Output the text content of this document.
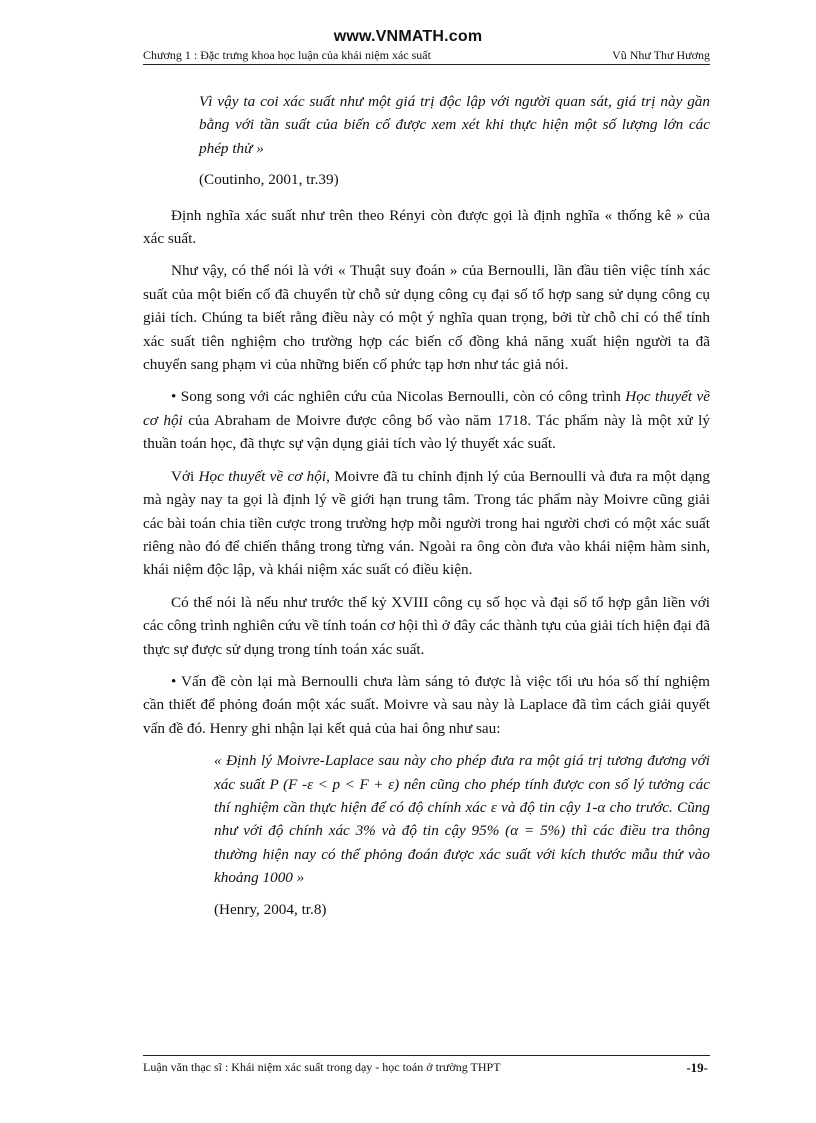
www.VNMATH.com
Chương 1 : Đặc trưng khoa học luận của khái niệm xác suất	Vũ Như Thư Hương
Vì vậy ta coi xác suất như một giá trị độc lập với người quan sát, giá trị này gần bằng với tần suất của biến cố được xem xét khi thực hiện một số lượng lớn các phép thử »
(Coutinho, 2001, tr.39)

Định nghĩa xác suất như trên theo Rényi còn được gọi là định nghĩa « thống kê » của xác suất.

Như vậy, có thể nói là với « Thuật suy đoán » của Bernoulli, lần đầu tiên việc tính xác suất của một biến cố đã chuyển từ chỗ sử dụng công cụ đại số tổ hợp sang sử dụng công cụ giải tích. Chúng ta biết rằng điều này có một ý nghĩa quan trọng, bởi từ chỗ chỉ có thể tính xác suất tiên nghiệm cho trường hợp các biến cố đồng khả năng xuất hiện người ta đã chuyển sang phạm vi của những biến cố phức tạp hơn như tác giả nói.

• Song song với các nghiên cứu của Nicolas Bernoulli, còn có công trình Học thuyết về cơ hội của Abraham de Moivre được công bố vào năm 1718. Tác phẩm này là một xử lý thuần toán học, đã thực sự vận dụng giải tích vào lý thuyết xác suất.

Với Học thuyết về cơ hội, Moivre đã tu chỉnh định lý của Bernoulli và đưa ra một dạng mà ngày nay ta gọi là định lý về giới hạn trung tâm. Trong tác phẩm này Moivre cũng giải các bài toán chia tiền cược trong trường hợp mỗi người trong hai người chơi có một xác suất riêng nào đó để chiến thắng trong từng ván. Ngoài ra ông còn đưa vào khái niệm hàm sinh, khái niệm độc lập, và khái niệm xác suất có điều kiện.

Có thể nói là nếu như trước thế kỷ XVIII công cụ số học và đại số tổ hợp gắn liền với các công trình nghiên cứu về tính toán cơ hội thì ở đây các thành tựu của giải tích hiện đại đã thực sự được sử dụng trong tính toán xác suất.

• Vấn đề còn lại mà Bernoulli chưa làm sáng tỏ được là việc tối ưu hóa số thí nghiệm cần thiết để phỏng đoán một xác suất. Moivre và sau này là Laplace đã tìm cách giải quyết vấn đề đó. Henry ghi nhận lại kết quả của hai ông như sau:

« Định lý Moivre-Laplace sau này cho phép đưa ra một giá trị tương đương với xác suất P (F -ε < p < F + ε) nên cũng cho phép tính được con số lý tưởng các thí nghiệm cần thực hiện để có độ chính xác ε và độ tin cậy 1-α cho trước. Cũng như với độ chính xác 3% và độ tin cậy 95% (α = 5%) thì các điều tra thông thường hiện nay có thể phỏng đoán được xác suất với kích thước mẫu thử vào khoảng 1000 »
(Henry, 2004, tr.8)
Luận văn thạc sĩ : Khái niệm xác suất trong dạy - học toán ở trường THPT	-19-
